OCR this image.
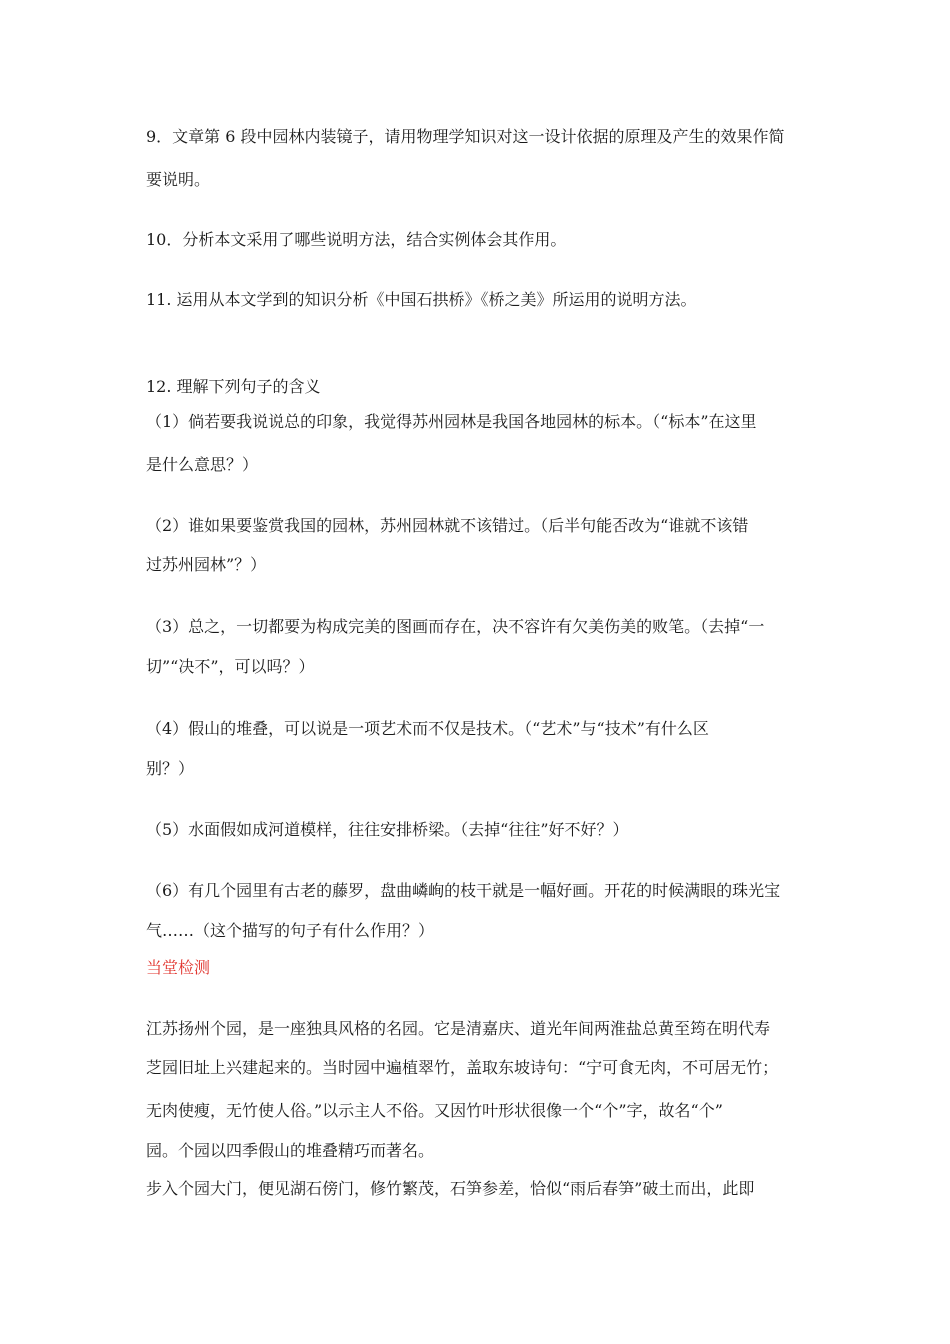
9．文章第 6 段中园林内装镜子，请用物理学知识对这一设计依据的原理及产生的效果作简
要说明。
10．分析本文采用了哪些说明方法，结合实例体会其作用。
11. 运用从本文学到的知识分析《中国石拱桥》《桥之美》所运用的说明方法。
12. 理解下列句子的含义
（1）倘若要我说说总的印象，我觉得苏州园林是我国各地园林的标本。（“标本”在这里
是什么意思？）
（2）谁如果要鉴赏我国的园林，苏州园林就不该错过。（后半句能否改为“谁就不该错
过苏州园林”？）
（3）总之，一切都要为构成完美的图画而存在，决不容许有欠美伤美的败笔。（去掉“一
切”“决不”，可以吗？）
（4）假山的堆叠，可以说是一项艺术而不仅是技术。（“艺术”与“技术”有什么区
别？）
（5）水面假如成河道模样，往往安排桥梁。（去掉“往往”好不好？）
（6）有几个园里有古老的藤罗，盘曲嶙峋的枝干就是一幅好画。开花的时候满眼的珠光宝
气……（这个描写的句子有什么作用？）
当堂检测
江苏扬州个园，是一座独具风格的名园。它是清嘉庆、道光年间两淮盐总黄至筠在明代寿
芝园旧址上兴建起来的。当时园中遍植翠竹，盖取东坡诗句：“宁可食无肉，不可居无竹；
无肉使瘦，无竹使人俗。”以示主人不俗。又因竹叶形状很像一个“个”字，故名“个”
园。个园以四季假山的堆叠精巧而著名。
步入个园大门，便见湖石傍门，修竹繁茂，石笋参差，恰似“雨后春笋”破土而出，此即
